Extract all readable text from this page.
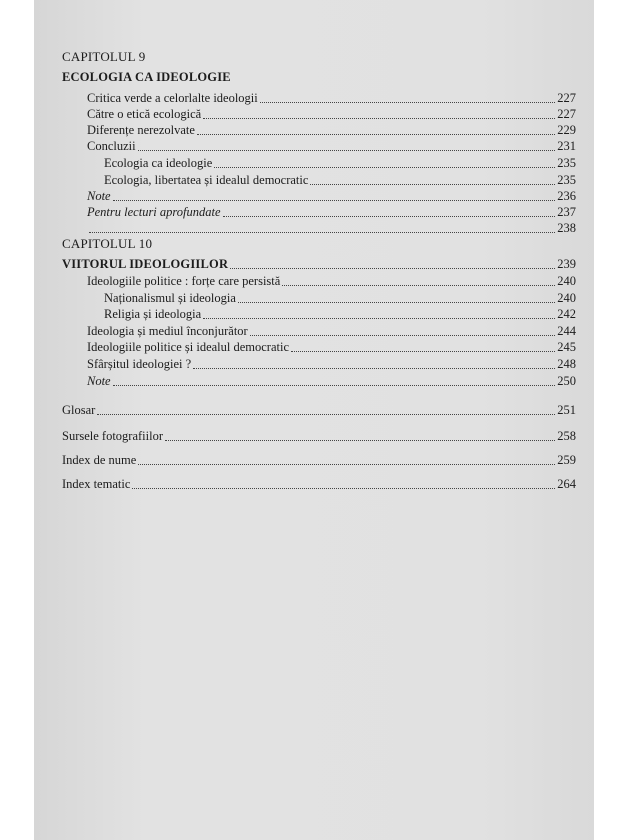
CAPITOLUL 9
ECOLOGIA CA IDEOLOGIE
Critica verde a celorlalte ideologii	227
Către o etică ecologică	227
Diferențe nerezolvate	229
Concluzii	231
Ecologia ca ideologie	235
Ecologia, libertatea și idealul democratic	235
Note	236
Pentru lecturi aprofundate	237
238
CAPITOLUL 10
VIITORUL IDEOLOGIILOR	239
Ideologiile politice : forțe care persistă	240
Naționalismul și ideologia	240
Religia și ideologia	242
Ideologia și mediul înconjurător	244
Ideologiile politice și idealul democratic	245
Sfârșitul ideologiei ?	248
Note	250
Glosar	251
Sursele fotografiilor	258
Index de nume	259
Index tematic	264
